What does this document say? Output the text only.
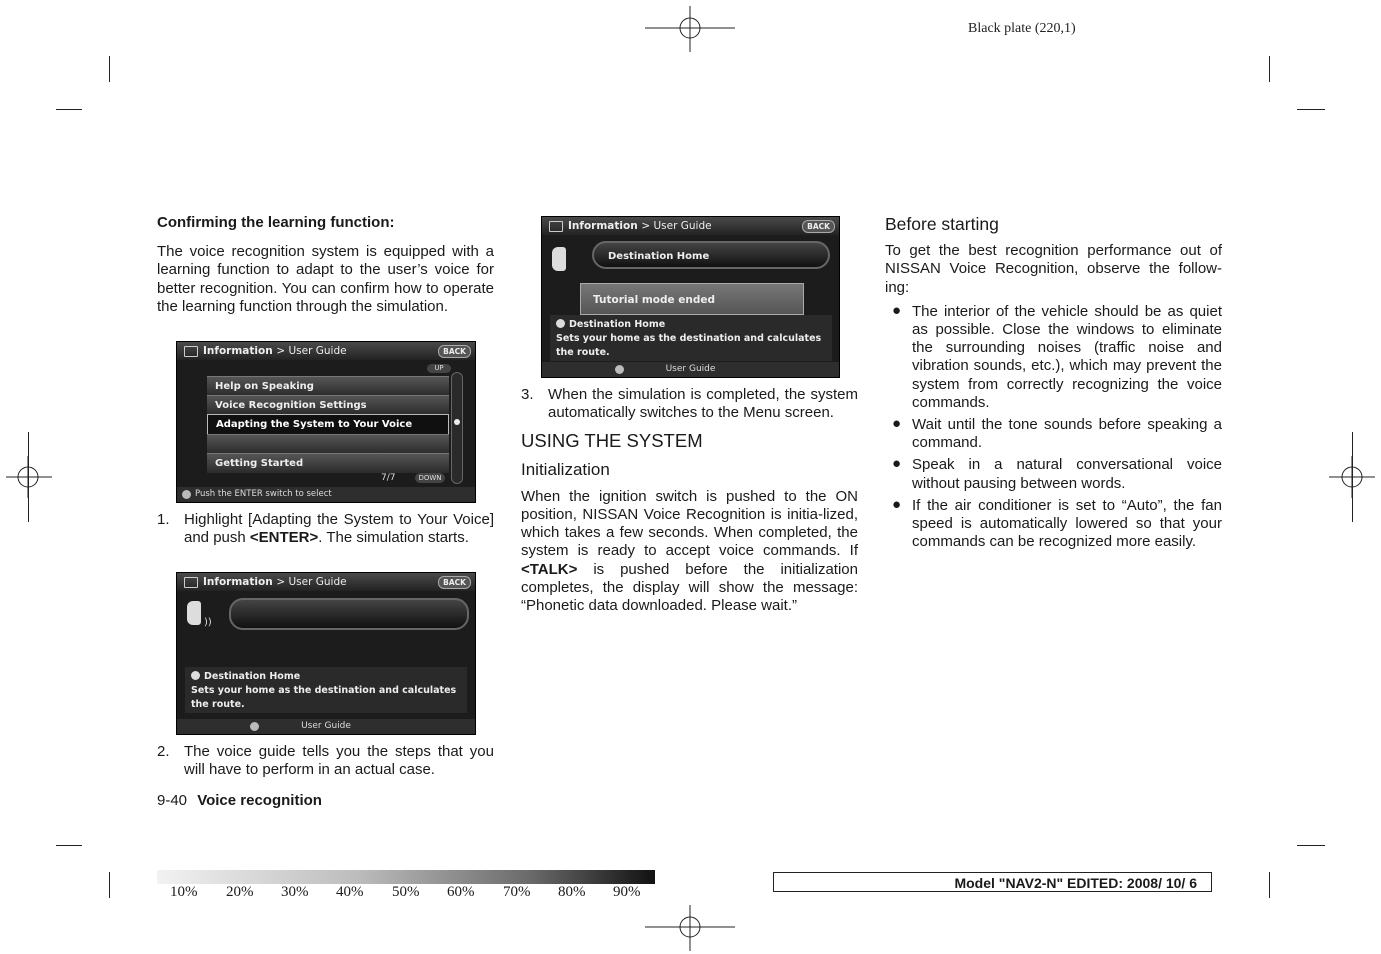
Black plate (220,1)
Confirming the learning function:
The voice recognition system is equipped with a learning function to adapt to the user’s voice for better recognition. You can confirm how to operate the learning function through the simulation.
Information > User Guide	BACK
UP
Help on Speaking
Voice Recognition Settings
Adapting the System to Your Voice
Getting Started
7/7	DOWN
Push the ENTER switch to select
1. Highlight [Adapting the System to Your Voice] and push <ENTER>. The simulation starts.
Information > User Guide	BACK
))
Destination Home
Sets your home as the destination and calculates the route.
User Guide
2. The voice guide tells you the steps that you will have to perform in an actual case.
Information > User Guide	BACK
Destination Home
Tutorial mode ended
Destination Home
Sets your home as the destination and calculates the route.
User Guide
3. When the simulation is completed, the system automatically switches to the Menu screen.
USING THE SYSTEM
Initialization
When the ignition switch is pushed to the ON position, NISSAN Voice Recognition is initia-lized, which takes a few seconds. When completed, the system is ready to accept voice commands. If <TALK> is pushed before the initialization completes, the display will show the message: “Phonetic data downloaded. Please wait.”
Before starting
To get the best recognition performance out of NISSAN Voice Recognition, observe the follow-ing:
● The interior of the vehicle should be as quiet as possible. Close the windows to eliminate the surrounding noises (traffic noise and vibration sounds, etc.), which may prevent the system from correctly recognizing the voice commands.
● Wait until the tone sounds before speaking a command.
● Speak in a natural conversational voice without pausing between words.
● If the air conditioner is set to “Auto”, the fan speed is automatically lowered so that your commands can be recognized more easily.
9-40 Voice recognition
10% 20% 30% 40% 50% 60% 70% 80% 90%
Model "NAV2-N" EDITED: 2008/ 10/ 6
